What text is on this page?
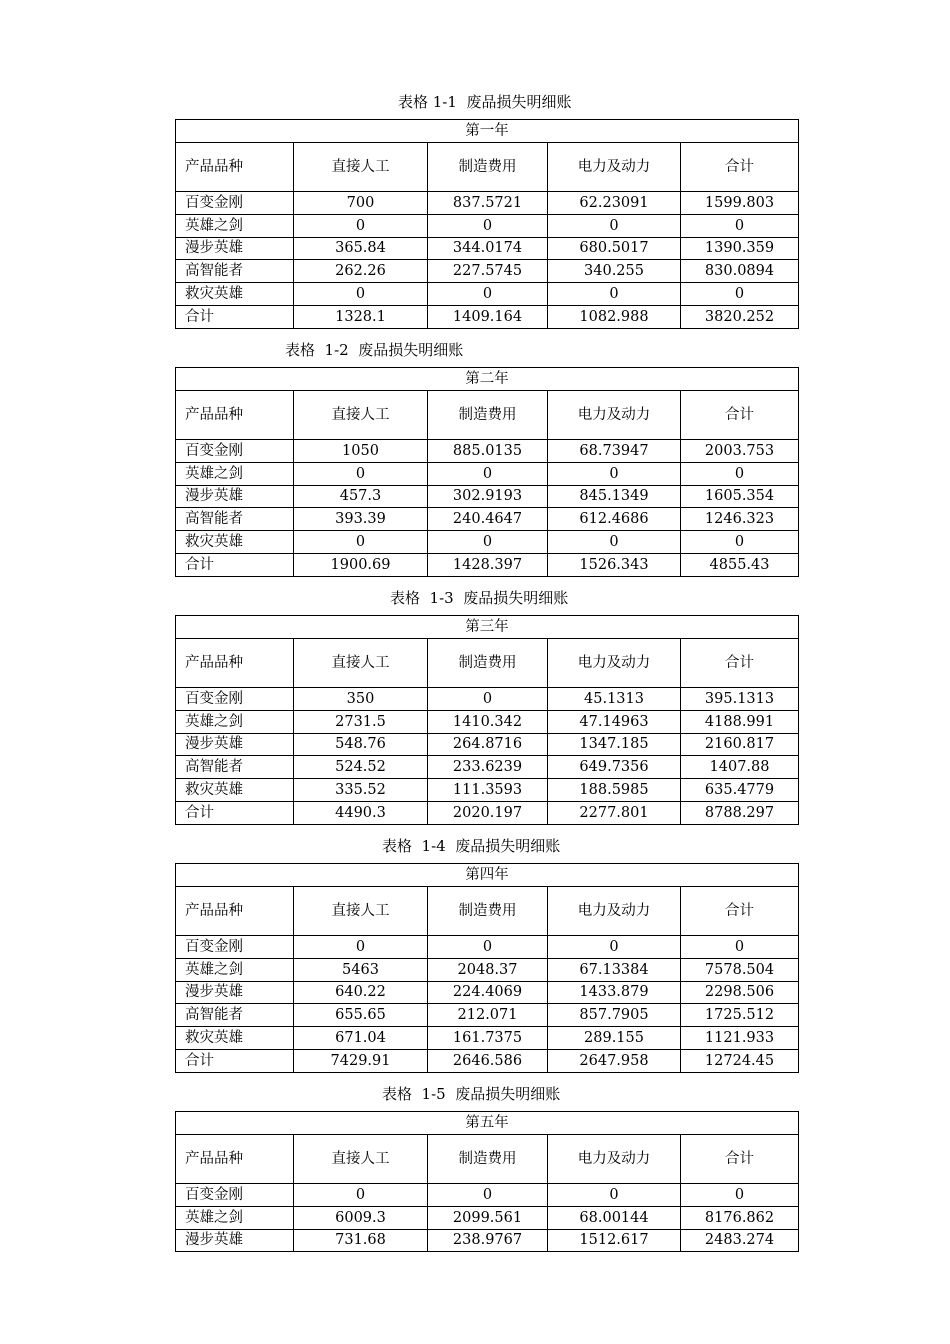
表格 1-1  废品损失明细账
第一年				
产品品种	直接人工	制造费用	电力及动力	合计
百变金刚	700	837.5721	62.23091	1599.803
英雄之剑	0	0	0	0
漫步英雄	365.84	344.0174	680.5017	1390.359
高智能者	262.26	227.5745	340.255	830.0894
救灾英雄	0	0	0	0
合计	1328.1	1409.164	1082.988	3820.252
表格  1-2  废品损失明细账
第二年				
产品品种	直接人工	制造费用	电力及动力	合计
百变金刚	1050	885.0135	68.73947	2003.753
英雄之剑	0	0	0	0
漫步英雄	457.3	302.9193	845.1349	1605.354
高智能者	393.39	240.4647	612.4686	1246.323
救灾英雄	0	0	0	0
合计	1900.69	1428.397	1526.343	4855.43
表格  1-3  废品损失明细账
第三年				
产品品种	直接人工	制造费用	电力及动力	合计
百变金刚	350	0	45.1313	395.1313
英雄之剑	2731.5	1410.342	47.14963	4188.991
漫步英雄	548.76	264.8716	1347.185	2160.817
高智能者	524.52	233.6239	649.7356	1407.88
救灾英雄	335.52	111.3593	188.5985	635.4779
合计	4490.3	2020.197	2277.801	8788.297
表格  1-4  废品损失明细账
第四年				
产品品种	直接人工	制造费用	电力及动力	合计
百变金刚	0	0	0	0
英雄之剑	5463	2048.37	67.13384	7578.504
漫步英雄	640.22	224.4069	1433.879	2298.506
高智能者	655.65	212.071	857.7905	1725.512
救灾英雄	671.04	161.7375	289.155	1121.933
合计	7429.91	2646.586	2647.958	12724.45
表格  1-5  废品损失明细账
第五年				
产品品种	直接人工	制造费用	电力及动力	合计
百变金刚	0	0	0	0
英雄之剑	6009.3	2099.561	68.00144	8176.862
漫步英雄	731.68	238.9767	1512.617	2483.274
